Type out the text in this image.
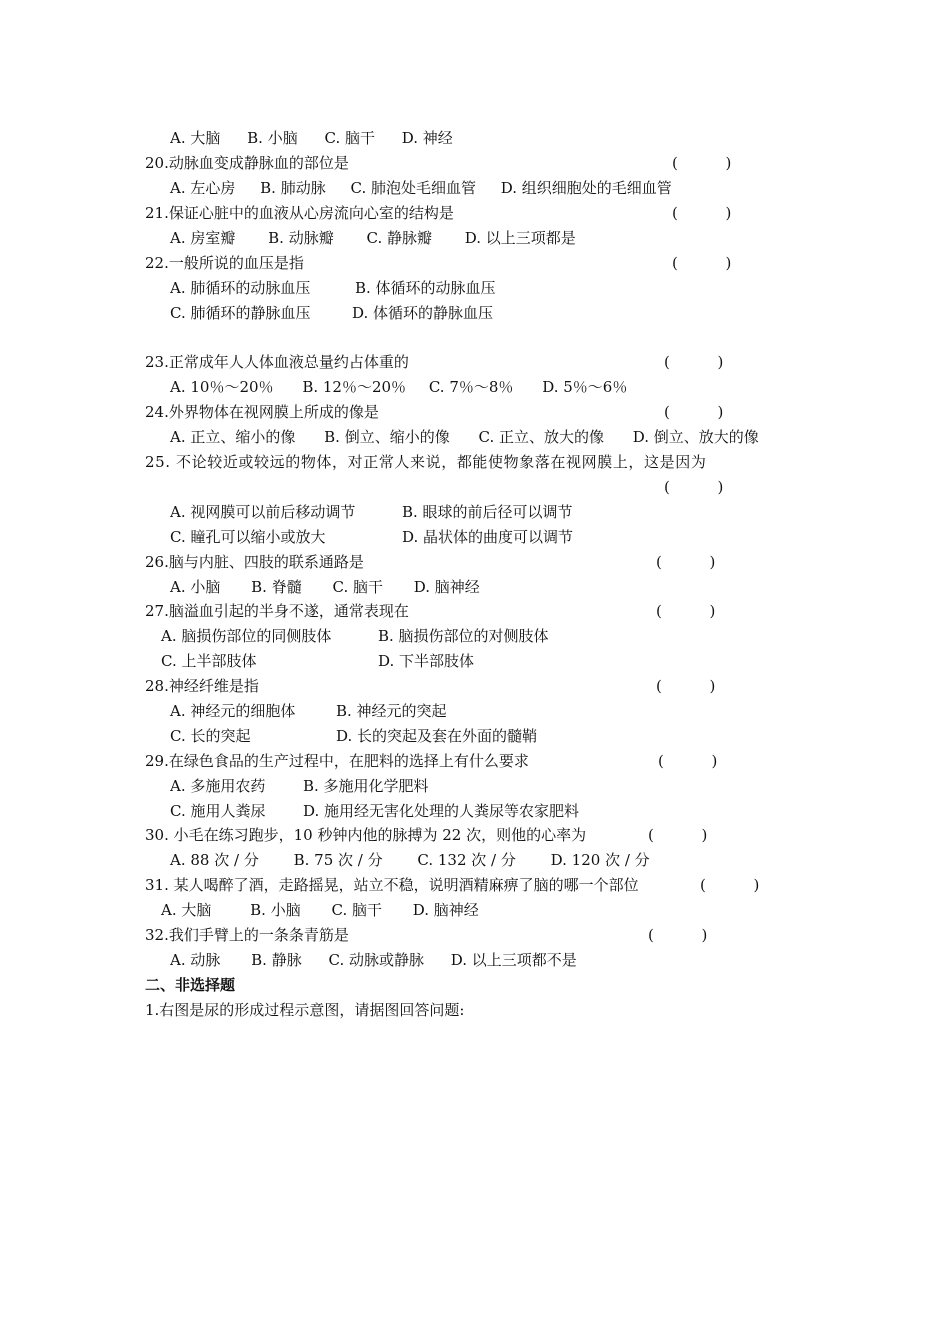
A. 大脑 B. 小脑 C. 脑干 D. 神经
20.动脉血变成静脉血的部位是	(          )
A. 左心房 B. 肺动脉 C. 肺泡处毛细血管 D. 组织细胞处的毛细血管
21.保证心脏中的血液从心房流向心室的结构是	(          )
A. 房室瓣 B. 动脉瓣 C. 静脉瓣 D. 以上三项都是
22.一般所说的血压是指	(          )
A. 肺循环的动脉血压	B. 体循环的动脉血压
C. 肺循环的静脉血压	D. 体循环的静脉血压
23.正常成年人人体血液总量约占体重的	(          )
A. 10％～20％ B. 12％～20％ C. 7％～8％ D. 5％～6％
24.外界物体在视网膜上所成的像是	(          )
A. 正立、缩小的像 B. 倒立、缩小的像 C. 正立、放大的像 D. 倒立、放大的像
25. 不论较近或较远的物体，对正常人来说，都能使物象落在视网膜上，这是因为
(          )
A. 视网膜可以前后移动调节	B. 眼球的前后径可以调节
C. 瞳孔可以缩小或放大	D. 晶状体的曲度可以调节
26.脑与内脏、四肢的联系通路是	(          )
A. 小脑 B. 脊髓 C. 脑干 D. 脑神经
27.脑溢血引起的半身不遂，通常表现在	(          )
A. 脑损伤部位的同侧肢体	B. 脑损伤部位的对侧肢体
C. 上半部肢体	D. 下半部肢体
28.神经纤维是指	(          )
A. 神经元的细胞体	B. 神经元的突起
C. 长的突起	D. 长的突起及套在外面的髓鞘
29.在绿色食品的生产过程中，在肥料的选择上有什么要求	(          )
A. 多施用农药	B. 多施用化学肥料
C. 施用人粪尿	D. 施用经无害化处理的人粪尿等农家肥料
30. 小毛在练习跑步，10 秒钟内他的脉搏为 22 次，则他的心率为	(          )
A. 88 次 / 分 B. 75 次 / 分 C. 132 次 / 分 D. 120 次 / 分
31. 某人喝醉了酒，走路摇晃，站立不稳，说明酒精麻痹了脑的哪一个部位	(          )
A. 大脑	B. 小脑 C. 脑干 D. 脑神经
32.我们手臂上的一条条青筋是	(          )
A. 动脉 B. 静脉 C. 动脉或静脉 D. 以上三项都不是
二、非选择题
1.右图是尿的形成过程示意图，请据图回答问题:
